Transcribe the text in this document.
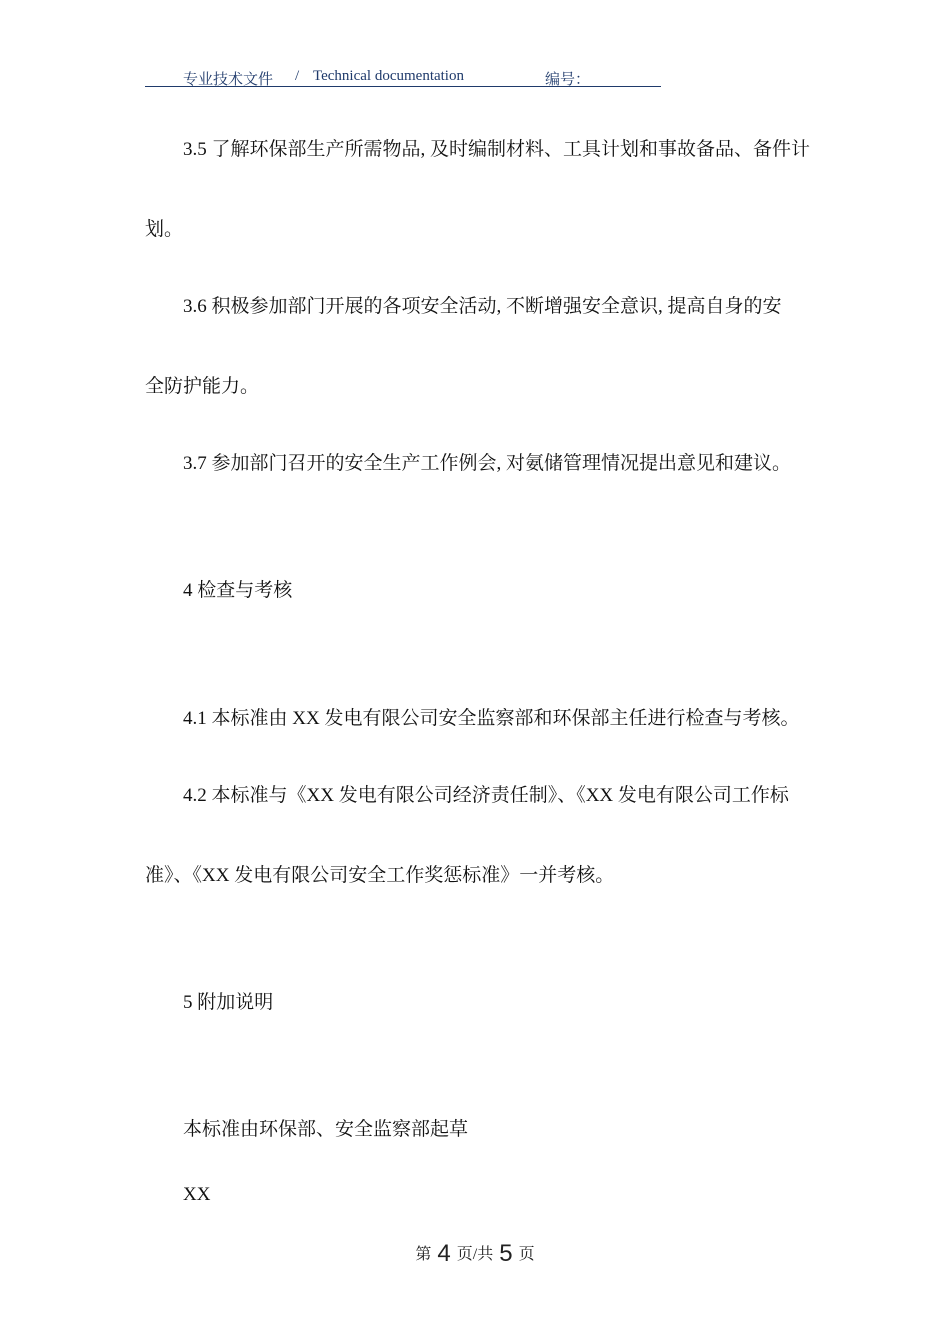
专业技术文件 / Technical documentation	编号：
3.5 了解环保部生产所需物品, 及时编制材料、工具计划和事故备品、备件计
划。
3.6 积极参加部门开展的各项安全活动, 不断增强安全意识, 提高自身的安
全防护能力。
3.7 参加部门召开的安全生产工作例会, 对氨储管理情况提出意见和建议。
4 检查与考核
4.1 本标准由 XX 发电有限公司安全监察部和环保部主任进行检查与考核。
4.2 本标准与《XX 发电有限公司经济责任制》、《XX 发电有限公司工作标
准》、《XX 发电有限公司安全工作奖惩标准》一并考核。
5 附加说明
本标准由环保部、安全监察部起草
XX
第 4 页/共 5 页
